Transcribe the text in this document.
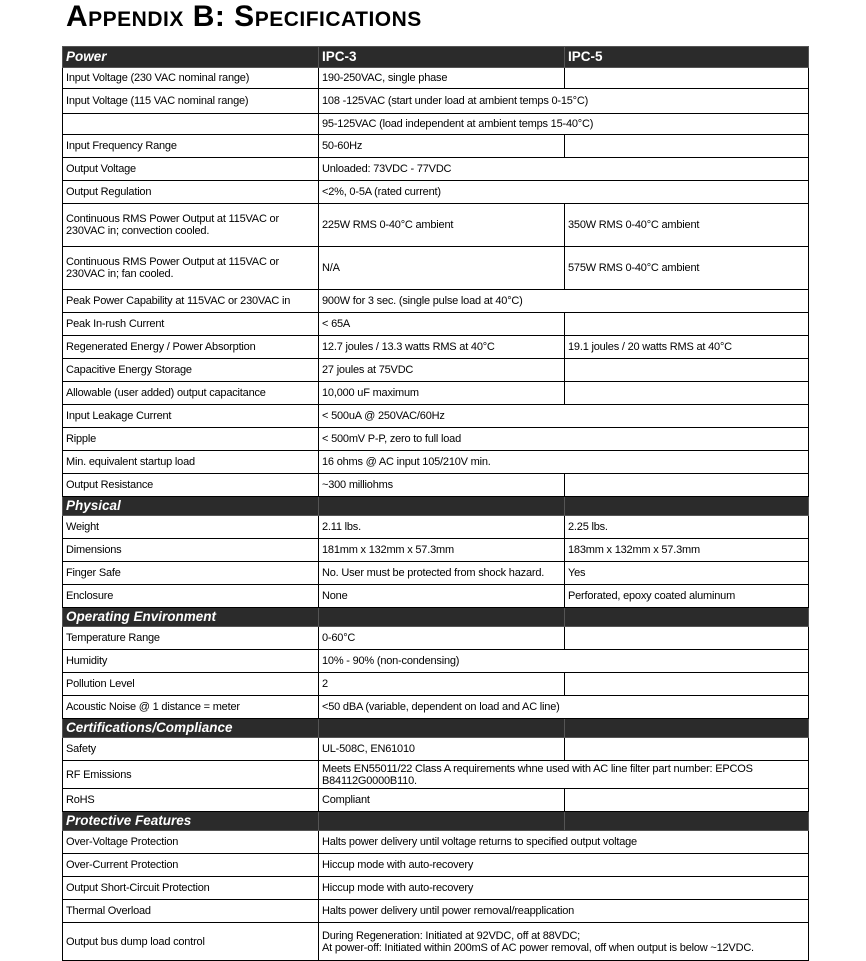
Appendix B: Specifications
Power	IPC-3	IPC-5
Input Voltage (230 VAC nominal range)	190-250VAC, single phase	
Input Voltage (115 VAC nominal range)	108 -125VAC (start under load at ambient temps 0-15°C)	
	95-125VAC (load independent at ambient temps 15-40°C)	
Input Frequency Range	50-60Hz	
Output Voltage	Unloaded: 73VDC - 77VDC	
Output Regulation	<2%, 0-5A (rated current)	
Continuous RMS Power Output at 115VAC or 230VAC in; convection cooled.	225W RMS 0-40°C ambient	350W RMS 0-40°C ambient
Continuous RMS Power Output at 115VAC or 230VAC in; fan cooled.	N/A	575W RMS 0-40°C ambient
Peak Power Capability at 115VAC or 230VAC in	900W for 3 sec. (single pulse load at 40°C)	
Peak In-rush Current	< 65A	
Regenerated Energy / Power Absorption	12.7 joules / 13.3 watts RMS at 40°C	19.1 joules / 20 watts RMS at 40°C
Capacitive Energy Storage	27 joules at 75VDC	
Allowable (user added) output capacitance	10,000 uF maximum	
Input Leakage Current	< 500uA @ 250VAC/60Hz	
Ripple	< 500mV P-P, zero to full load	
Min. equivalent startup load	16 ohms @ AC input 105/210V min.	
Output Resistance	~300 milliohms	
Physical		
Weight	2.11 lbs.	2.25 lbs.
Dimensions	181mm x 132mm x 57.3mm	183mm x 132mm x 57.3mm
Finger Safe	No. User must be protected from shock hazard.	Yes
Enclosure	None	Perforated, epoxy coated aluminum
Operating Environment		
Temperature Range	0-60°C	
Humidity	10% - 90% (non-condensing)	
Pollution Level	2	
Acoustic Noise @ 1 distance = meter	<50 dBA (variable, dependent on load and AC line)	
Certifications/Compliance		
Safety	UL-508C, EN61010	
RF Emissions	Meets EN55011/22 Class A requirements whne used with AC line filter part number: EPCOS B84112G0000B110.	
RoHS	Compliant	
Protective Features		
Over-Voltage Protection	Halts power delivery until voltage returns to specified output voltage	
Over-Current Protection	Hiccup mode with auto-recovery	
Output Short-Circuit Protection	Hiccup mode with auto-recovery	
Thermal Overload	Halts power delivery until power removal/reapplication	
Output bus dump load control	During Regeneration: Initiated at 92VDC, off at 88VDC;
At power-off: Initiated within 200mS of AC power removal, off when output is below ~12VDC.	
